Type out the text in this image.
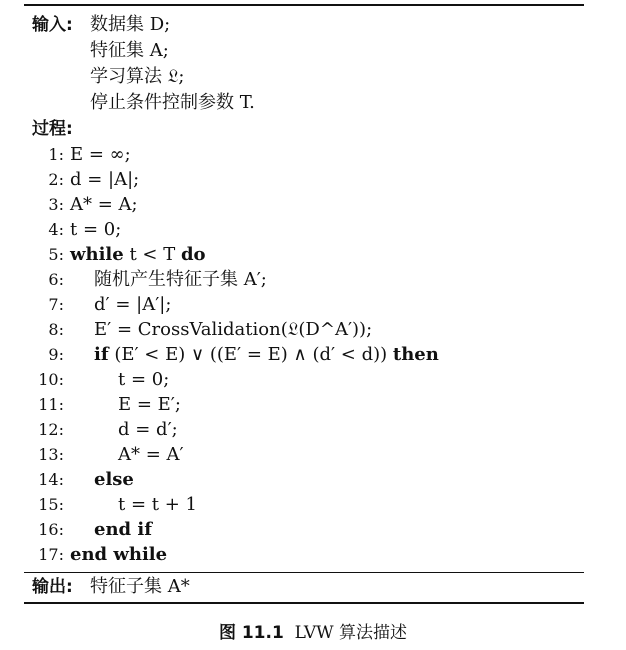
输入: 数据集 D;
特征集 A;
学习算法 𝔏;
停止条件控制参数 T.
过程:
1: E = ∞;
2: d = |A|;
3: A* = A;
4: t = 0;
5: while t < T do
6: 随机产生特征子集 A′;
7: d′ = |A′|;
8: E′ = CrossValidation(𝔏(D^A′));
9: if (E′ < E) ∨ ((E′ = E) ∧ (d′ < d)) then
10:	t = 0;
11:	E = E′;
12:	d = d′;
13:	A* = A′
14: else
15:	t = t + 1
16: end if
17: end while
输出: 特征子集 A*
图 11.1 LVW 算法描述
